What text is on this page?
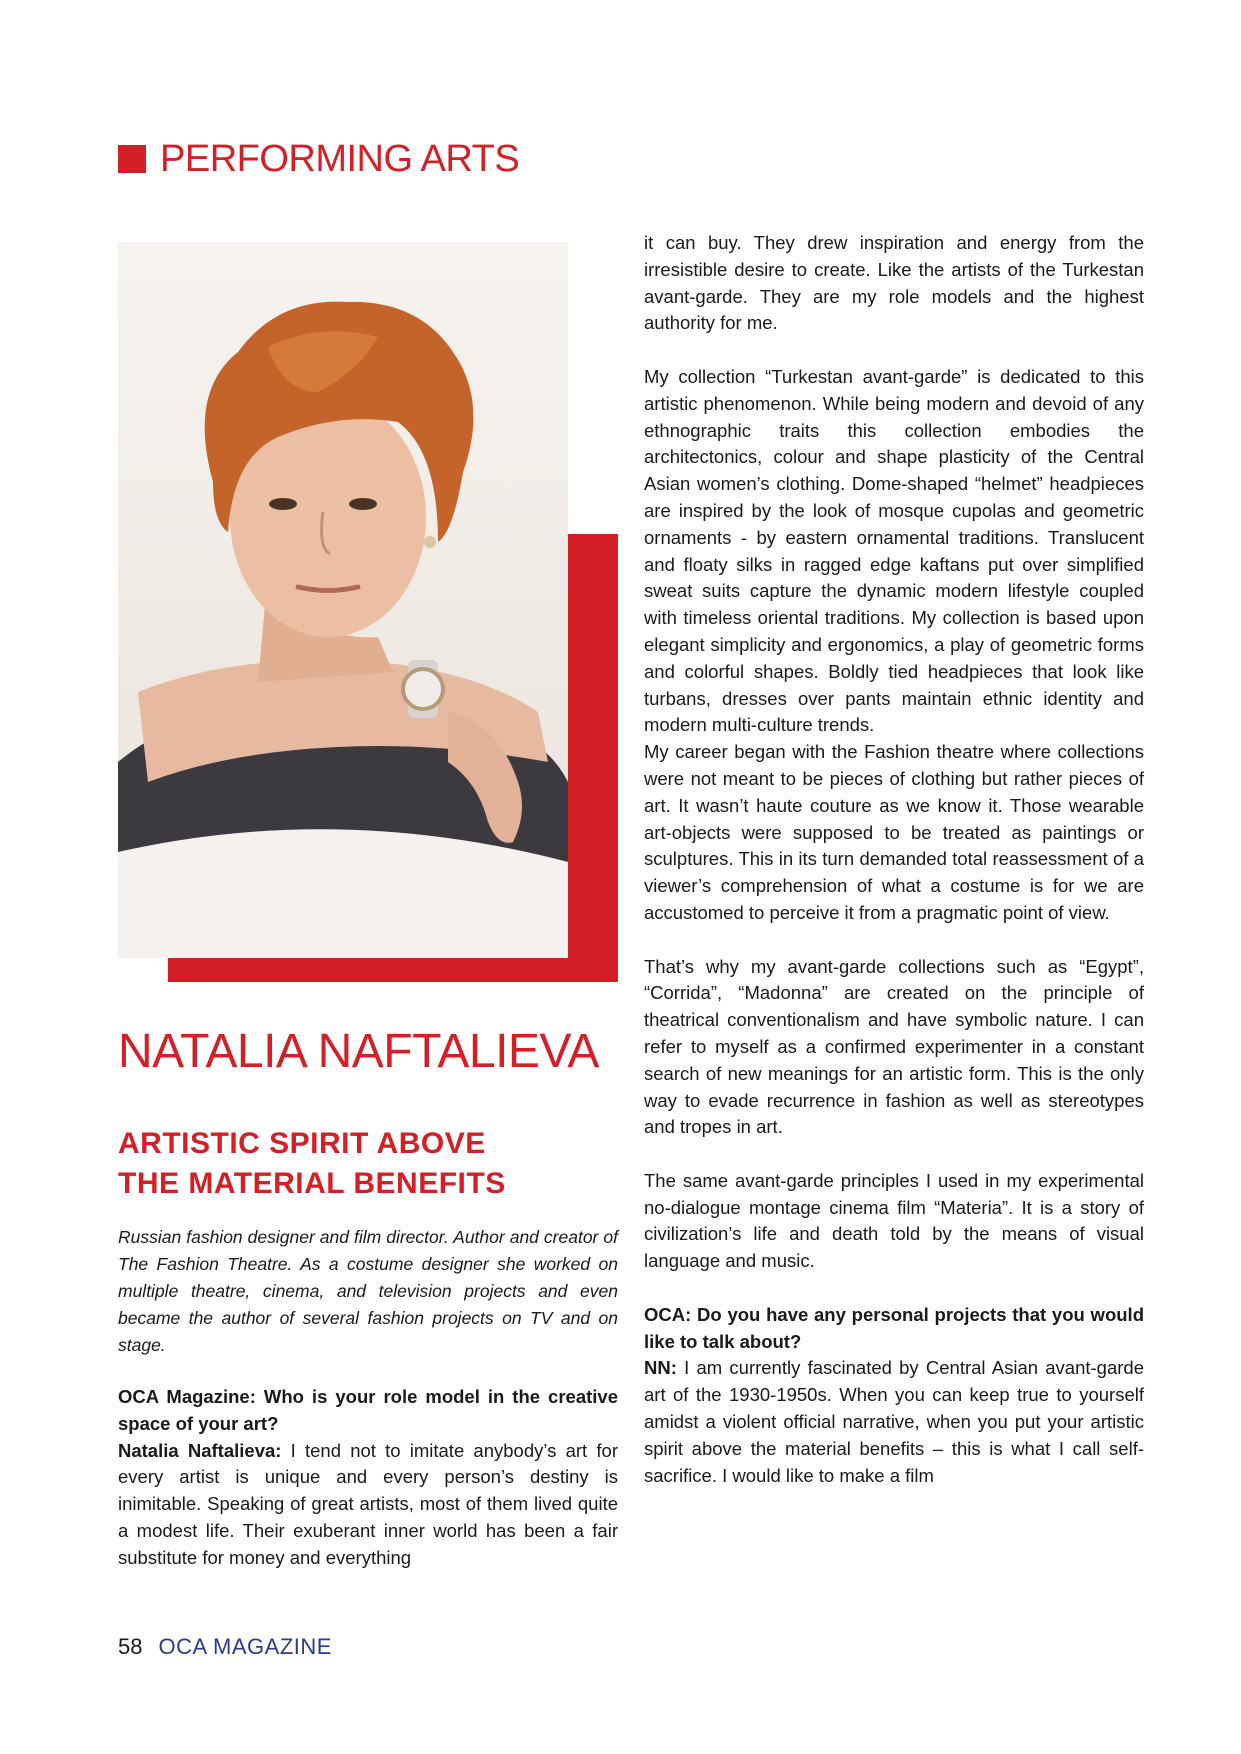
PERFORMING ARTS
NATALIA NAFTALIEVA
ARTISTIC SPIRIT ABOVE
THE MATERIAL BENEFITS
Russian fashion designer and film director. Author and creator of The Fashion Theatre. As a costume designer she worked on multiple theatre, cinema, and television projects and even became the author of several fashion projects on TV and on stage.

OCA Magazine: Who is your role model in the creative space of your art?

Natalia Naftalieva: I tend not to imitate anybody’s art for every artist is unique and every person’s destiny is inimitable. Speaking of great artists, most of them lived quite a modest life. Their exuberant inner world has been a fair substitute for money and everything

it can buy. They drew inspiration and energy from the irresistible desire to create. Like the artists of the Turkestan avant-garde. They are my role models and the highest authority for me.

My collection “Turkestan avant-garde” is dedicated to this artistic phenomenon. While being modern and devoid of any ethnographic traits this collection embodies the architectonics, colour and shape plasticity of the Central Asian women’s clothing. Dome-shaped “helmet” headpieces are inspired by the look of mosque cupolas and geometric ornaments - by eastern ornamental traditions. Translucent and floaty silks in ragged edge kaftans put over simplified sweat suits capture the dynamic modern lifestyle coupled with timeless oriental traditions. My collection is based upon elegant simplicity and ergonomics, a play of geometric forms and colorful shapes. Boldly tied headpieces that look like turbans, dresses over pants maintain ethnic identity and modern multi-culture trends.

My career began with the Fashion theatre where collections were not meant to be pieces of clothing but rather pieces of art. It wasn’t haute couture as we know it. Those wearable art-objects were supposed to be treated as paintings or sculptures. This in its turn demanded total reassessment of a viewer’s comprehension of what a costume is for we are accustomed to perceive it from a pragmatic point of view.

That’s why my avant-garde collections such as “Egypt”, “Corrida”, “Madonna” are created on the principle of theatrical conventionalism and have symbolic nature. I can refer to myself as a confirmed experimenter in a constant search of new meanings for an artistic form. This is the only way to evade recurrence in fashion as well as stereotypes and tropes in art.

The same avant-garde principles I used in my experimental no-dialogue montage cinema film “Materia”. It is a story of civilization’s life and death told by the means of visual language and music.

OCA: Do you have any personal projects that you would like to talk about?

NN: I am currently fascinated by Central Asian avant-garde art of the 1930-1950s. When you can keep true to yourself amidst a violent official narrative, when you put your artistic spirit above the material benefits – this is what I call self-sacrifice. I would like to make a film

58 OCA MAGAZINE
